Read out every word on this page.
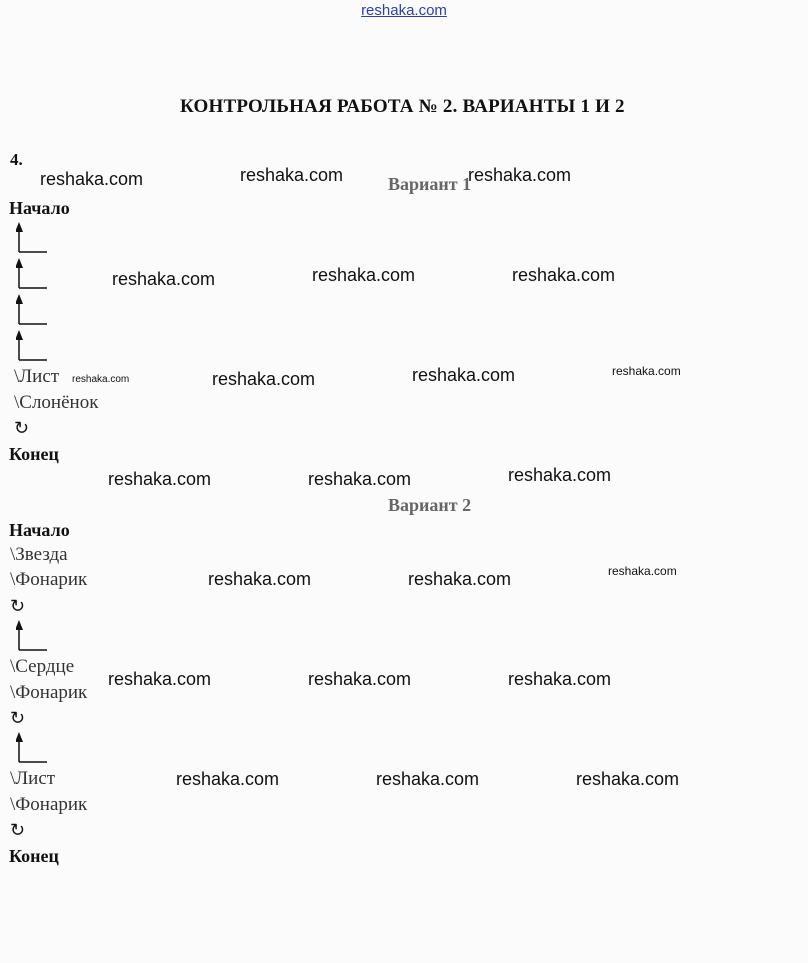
reshaka.com
КОНТРОЛЬНАЯ РАБОТА № 2. ВАРИАНТЫ 1 И 2
4.
Вариант 1
Начало
\Лист
\Слонёнок
↻
Конец
Вариант 2
Начало
\Звезда
\Фонарик
↻
\Сердце
\Фонарик
↻
\Лист
\Фонарик
↻
Конец
reshaka.com	reshaka.com	reshaka.com
reshaka.com	reshaka.com	reshaka.com
reshaka.com	reshaka.com	reshaka.com	reshaka.com
reshaka.com	reshaka.com	reshaka.com
reshaka.com	reshaka.com	reshaka.com
reshaka.com	reshaka.com	reshaka.com
reshaka.com	reshaka.com	reshaka.com
